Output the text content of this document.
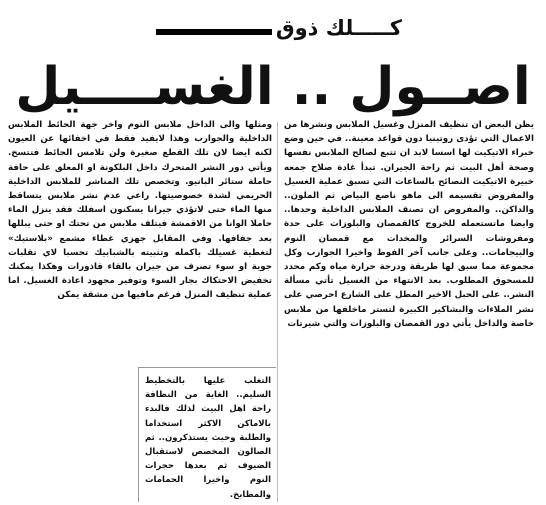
كـــــلك ذوق
اصــول .. الغســــيل

يظن البعض ان تنظيف المنزل وغسيل الملابس ونشرها من الاعمال التي تؤدى روتينيا دون قواعد معينة.. في حين وضع خبراء الاتيكيت لها اسسا لابد ان تتبع لصالح الملابس نفسها وصحة أهل البيت ثم راحة الجيران. تبدأ غادة صلاح جمعه خبيرة الاتيكيت النصائح بالساعات التي تسبق عملية الغسيل والمفروض تقسيمه الى ماهو ناصع البياض ثم الملون.. والداكن.. والمفروض ان تصنف الملابس الداخلية وحدها.. وايضا ماتستعمله للخروج كالقمصان والبلوزات على حدة ومفروشات السرائر والمخدات مع قمصان النوم والبيجامات.. وعلى جانب آخر الفوط واخيرا الجوارب وكل مجموعة مما سبق لها طريقة ودرجة حرارة مياه وكم محدد للمسحوق المطلوب. بعد الانتهاء من الغسيل تأتي مسألة النشر.. على الحبل الاخير المطل على الشارع احرصي على نشر الملاءات والبشاكير الكبيرة لتستر ماخلفها من ملابس خاصة والداخل يأتي دور القمصان والبلوزات والتي شيرتات

ومثلها والى الداخل ملابس النوم واخر جهة الحائط الملابس الداخلية والجوارب وهذا لايفيد فقط في اخفائها عن العيون لكنه ايضا لان تلك القطع صغيرة ولن تلامس الحائط فتتسخ. ويأتي دور النشر المتحرك داخل البلكونة او المعلق على حافة حاملة ستائر البانيو. وتخصص تلك المناشر للملابس الداخلية الحريمي لشدة خصوصيتها. راعي عدم نشر ملابس يتساقط منها الماء حتى لاتؤذي جيرانا يسكنون اسفلك فقد ينزل الماء حاملا الوانا من الاقمشة فيتلف ملابس من تحتك او حتى يبللها بعد جفافها. وفي المقابل جهزي غطاء مشمع «بلاستيك» لتغطية غسيلك باكمله وتثبيته بالشبابيك تحسبا لاي تقلبات جوية او سوء تصرف من جيران بالقاء قاذورات وهكذا يمكنك تخفيض الاحتكاك بجار السوء وتوفير مجهود اعادة الغسيل. اما عملية تنظيف المنزل فرغم مافيها من مشقة يمكن

التغلب عليها بالتخطيط السليم.. الغاية من النظافة راحة اهل البيت لذلك فالبدء بالاماكن الاكثر استخداما والطلبة وحيث يستذكرون.. ثم الصالون المخصص لاستقبال الضيوف ثم بعدها حجرات النوم واخيرا الحمامات والمطابخ.
